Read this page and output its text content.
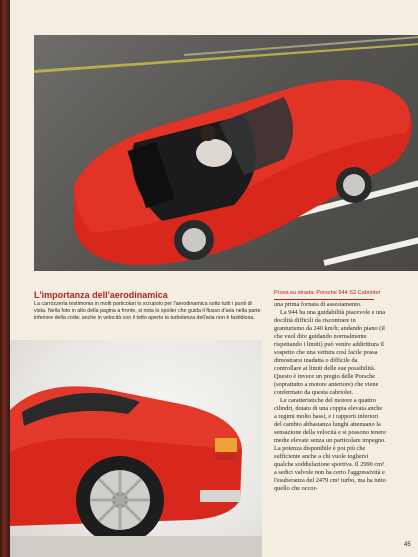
L'importanza dell'aerodinamica

La carrozzeria testimonia in molti particolari lo scrupolo per l'aerodinamica sotto tutti i punti di vista. Nella foto in alto della pagina a fronte, si nota lo spoiler che guida il flusso d'aria nella parte inferiore della coda: anche in velocità con il tetto aperto la turbolenza dell'aria non è fastidiosa.

Prova su strada: Porsche 944 S2 Cabriolet

una prima fornata di assestamento.

La 944 ha una guidabilità piacevole e una docilità difficili da riscontrare in granturismo da 240 km/h; andando piano (il che vuol dire guidando normalmente rispettando i limiti) può venire addirittura il sospetto che una vettura così facile possa dimostrarsi inadatta o difficile da controllare ai limiti delle sue possibilità. Questo è invece un pregio delle Porsche (soprattutto a motore anteriore) che viene confermato da questa cabriolet.

Le caratteristiche del motore a quattro cilindri, dotato di una coppia elevata anche a regimi molto bassi, e i rapporti inferiori del cambio abbastanza lunghi attenuano la sensazione della velocità e si possono tenere medie elevate senza un particolare impegno. La potenza disponibile è poi più che sufficiente anche a chi vuole togliersi qualche soddisfazione sportiva. Il 2990 cm³ a sedici valvole non ha certo l'aggressività e l'esuberanza del 2479 cm³ turbo, ma ha tutto quello che occor-

45
